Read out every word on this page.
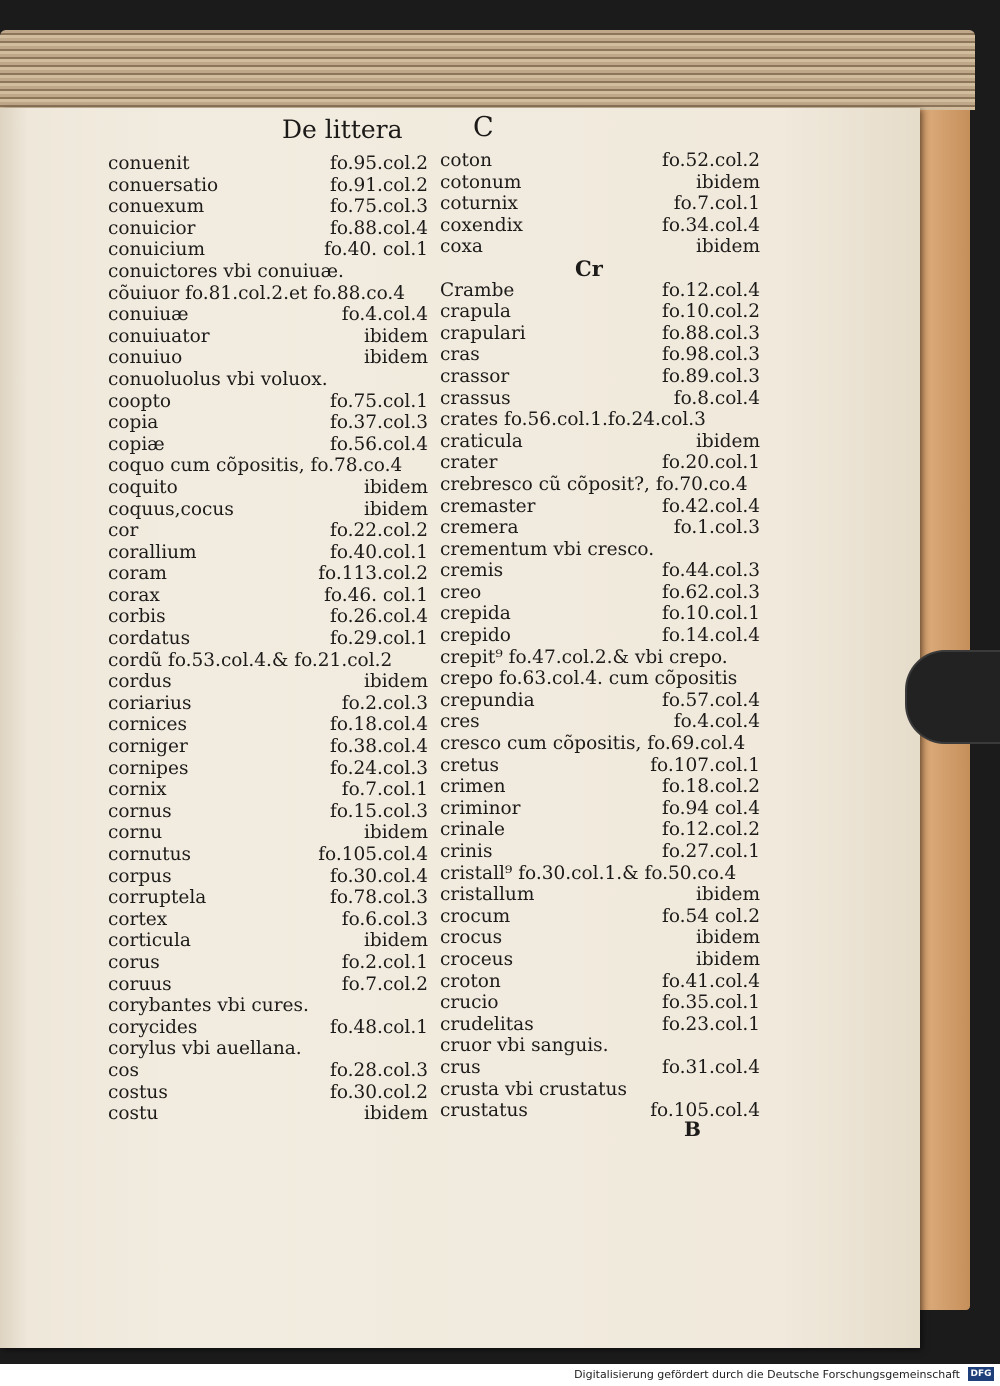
De littera	C
conuenit	fo.95.col.2
conuersatio	fo.91.col.2
conuexum	fo.75.col.3
conuicior	fo.88.col.4
conuicium	fo.40. col.1
conuictores vbi conuiuæ.
cõuiuor fo.81.col.2.et fo.88.co.4
conuiuæ	fo.4.col.4
conuiuator	ibidem
conuiuo	ibidem
conuoluolus vbi voluox.
coopto	fo.75.col.1
copia	fo.37.col.3
copiæ	fo.56.col.4
coquo cum cõpositis, fo.78.co.4
coquito	ibidem
coquus,cocus	ibidem
cor	fo.22.col.2
corallium	fo.40.col.1
coram	fo.113.col.2
corax	fo.46. col.1
corbis	fo.26.col.4
cordatus	fo.29.col.1
cordũ fo.53.col.4.& fo.21.col.2
cordus	ibidem
coriarius	fo.2.col.3
cornices	fo.18.col.4
corniger	fo.38.col.4
cornipes	fo.24.col.3
cornix	fo.7.col.1
cornus	fo.15.col.3
cornu	ibidem
cornutus	fo.105.col.4
corpus	fo.30.col.4
corruptela	fo.78.col.3
cortex	fo.6.col.3
corticula	ibidem
corus	fo.2.col.1
coruus	fo.7.col.2
corybantes vbi cures.
corycides	fo.48.col.1
corylus vbi auellana.
cos	fo.28.col.3
costus	fo.30.col.2
costu	ibidem
coton	fo.52.col.2
cotonum	ibidem
coturnix	fo.7.col.1
coxendix	fo.34.col.4
coxa	ibidem
Cr
Crambe	fo.12.col.4
crapula	fo.10.col.2
crapulari	fo.88.col.3
cras	fo.98.col.3
crassor	fo.89.col.3
crassus	fo.8.col.4
crates fo.56.col.1.fo.24.col.3
craticula	ibidem
crater	fo.20.col.1
crebresco cũ cõposit?, fo.70.co.4
cremaster	fo.42.col.4
cremera	fo.1.col.3
crementum vbi cresco.
cremis	fo.44.col.3
creo	fo.62.col.3
crepida	fo.10.col.1
crepido	fo.14.col.4
crepit⁹ fo.47.col.2.& vbi crepo.
crepo fo.63.col.4. cum cõpositis
crepundia	fo.57.col.4
cres	fo.4.col.4
cresco cum cõpositis, fo.69.col.4
cretus	fo.107.col.1
crimen	fo.18.col.2
criminor	fo.94 col.4
crinale	fo.12.col.2
crinis	fo.27.col.1
cristall⁹ fo.30.col.1.& fo.50.co.4
cristallum	ibidem
crocum	fo.54 col.2
crocus	ibidem
croceus	ibidem
croton	fo.41.col.4
crucio	fo.35.col.1
crudelitas	fo.23.col.1
cruor vbi sanguis.
crus	fo.31.col.4
crusta vbi crustatus
crustatus	fo.105.col.4
B
Digitalisierung gefördert durch die Deutsche Forschungsgemeinschaft DFG
